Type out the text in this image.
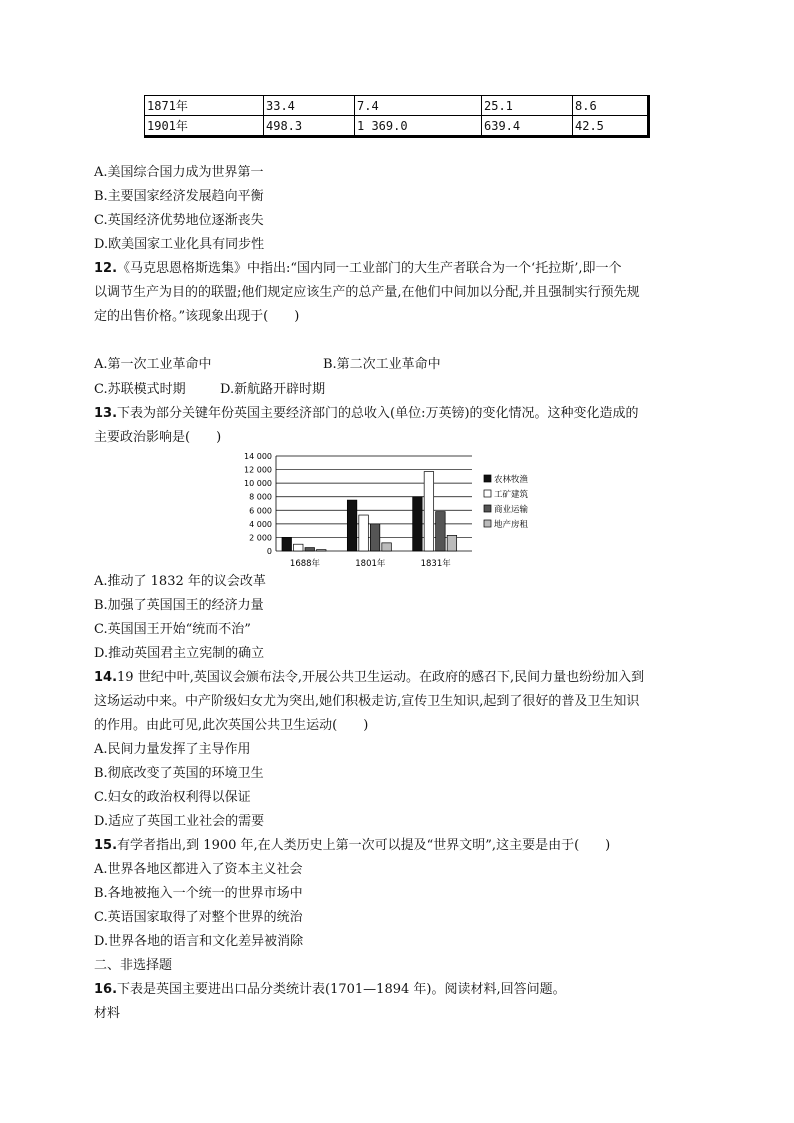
1871年	33.4	7.4	25.1	8.6
1901年	498.3	1 369.0	639.4	42.5
A.美国综合国力成为世界第一
B.主要国家经济发展趋向平衡
C.英国经济优势地位逐渐丧失
D.欧美国家工业化具有同步性
12.《马克思恩格斯选集》中指出:“国内同一工业部门的大生产者联合为一个‘托拉斯’,即一个
以调节生产为目的的联盟;他们规定应该生产的总产量,在他们中间加以分配,并且强制实行预先规
定的出售价格。”该现象出现于(　　)
A.第一次工业革命中	B.第二次工业革命中
C.苏联模式时期	D.新航路开辟时期
13.下表为部分关键年份英国主要经济部门的总收入(单位:万英镑)的变化情况。这种变化造成的
主要政治影响是(　　)
0
2 000
4 000
6 000
8 000
10 000
12 000
14 000
1688年	1801年	1831年
农林牧渔
工矿建筑
商业运输
地产房租
A.推动了 1832 年的议会改革
B.加强了英国国王的经济力量
C.英国国王开始“统而不治”
D.推动英国君主立宪制的确立
14.19 世纪中叶,英国议会颁布法令,开展公共卫生运动。在政府的感召下,民间力量也纷纷加入到
这场运动中来。中产阶级妇女尤为突出,她们积极走访,宣传卫生知识,起到了很好的普及卫生知识
的作用。由此可见,此次英国公共卫生运动(　　)
A.民间力量发挥了主导作用
B.彻底改变了英国的环境卫生
C.妇女的政治权利得以保证
D.适应了英国工业社会的需要
15.有学者指出,到 1900 年,在人类历史上第一次可以提及“世界文明”,这主要是由于(　　)
A.世界各地区都进入了资本主义社会
B.各地被拖入一个统一的世界市场中
C.英语国家取得了对整个世界的统治
D.世界各地的语言和文化差异被消除
二、非选择题
16.下表是英国主要进出口品分类统计表(1701—1894 年)。阅读材料,回答问题。
材料
